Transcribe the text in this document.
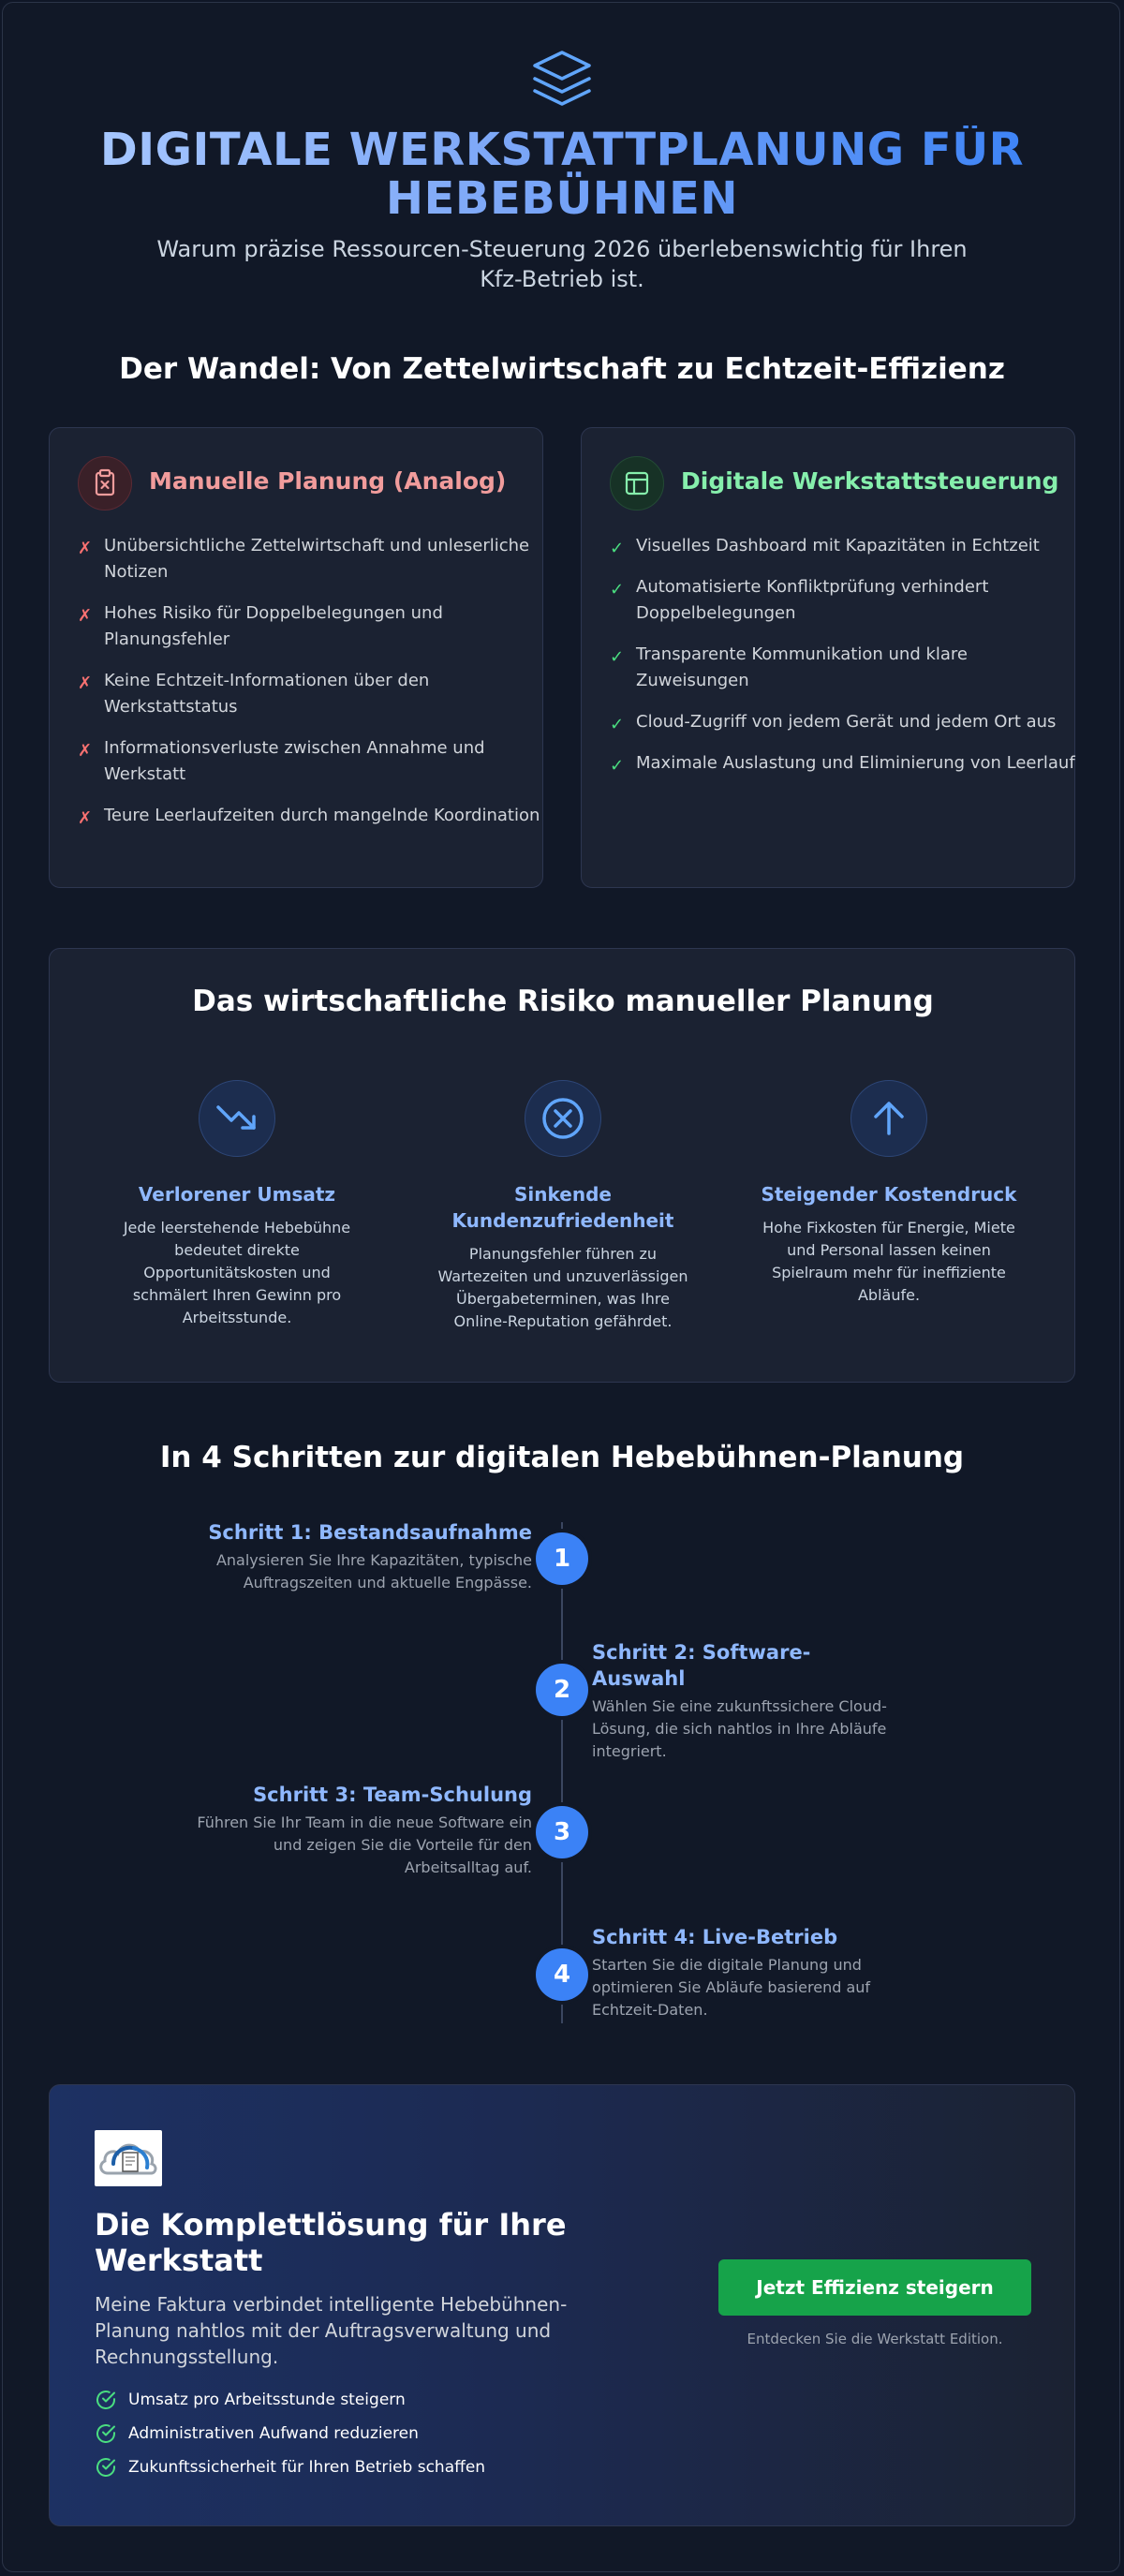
DIGITALE WERKSTATTPLANUNG FÜR
HEBEBÜHNEN
Warum präzise Ressourcen-Steuerung 2026 überlebenswichtig für Ihren
Kfz-Betrieb ist.
Der Wandel: Von Zettelwirtschaft zu Echtzeit-Effizienz
Manuelle Planung (Analog)
✗ Unübersichtliche Zettelwirtschaft und unleserliche Notizen
✗ Hohes Risiko für Doppelbelegungen und Planungsfehler
✗ Keine Echtzeit-Informationen über den Werkstattstatus
✗ Informationsverluste zwischen Annahme und Werkstatt
✗ Teure Leerlaufzeiten durch mangelnde Koordination
Digitale Werkstattsteuerung
✓ Visuelles Dashboard mit Kapazitäten in Echtzeit
✓ Automatisierte Konfliktprüfung verhindert Doppelbelegungen
✓ Transparente Kommunikation und klare Zuweisungen
✓ Cloud-Zugriff von jedem Gerät und jedem Ort aus
✓ Maximale Auslastung und Eliminierung von Leerlauf
Das wirtschaftliche Risiko manueller Planung
Verlorener Umsatz
Jede leerstehende Hebebühne bedeutet direkte Opportunitätskosten und schmälert Ihren Gewinn pro Arbeitsstunde.
Sinkende Kundenzufriedenheit
Planungsfehler führen zu Wartezeiten und unzuverlässigen Übergabeterminen, was Ihre Online-Reputation gefährdet.
Steigender Kostendruck
Hohe Fixkosten für Energie, Miete und Personal lassen keinen Spielraum mehr für ineffiziente Abläufe.
In 4 Schritten zur digitalen Hebebühnen-Planung
1
Schritt 1: Bestandsaufnahme
Analysieren Sie Ihre Kapazitäten, typische Auftragszeiten und aktuelle Engpässe.
2
Schritt 2: Software-Auswahl
Wählen Sie eine zukunftssichere Cloud-Lösung, die sich nahtlos in Ihre Abläufe integriert.
3
Schritt 3: Team-Schulung
Führen Sie Ihr Team in die neue Software ein und zeigen Sie die Vorteile für den Arbeitsalltag auf.
4
Schritt 4: Live-Betrieb
Starten Sie die digitale Planung und optimieren Sie Abläufe basierend auf Echtzeit-Daten.
Die Komplettlösung für Ihre Werkstatt
Meine Faktura verbindet intelligente Hebebühnen-Planung nahtlos mit der Auftragsverwaltung und Rechnungsstellung.
Umsatz pro Arbeitsstunde steigern
Administrativen Aufwand reduzieren
Zukunftssicherheit für Ihren Betrieb schaffen
Jetzt Effizienz steigern
Entdecken Sie die Werkstatt Edition.
